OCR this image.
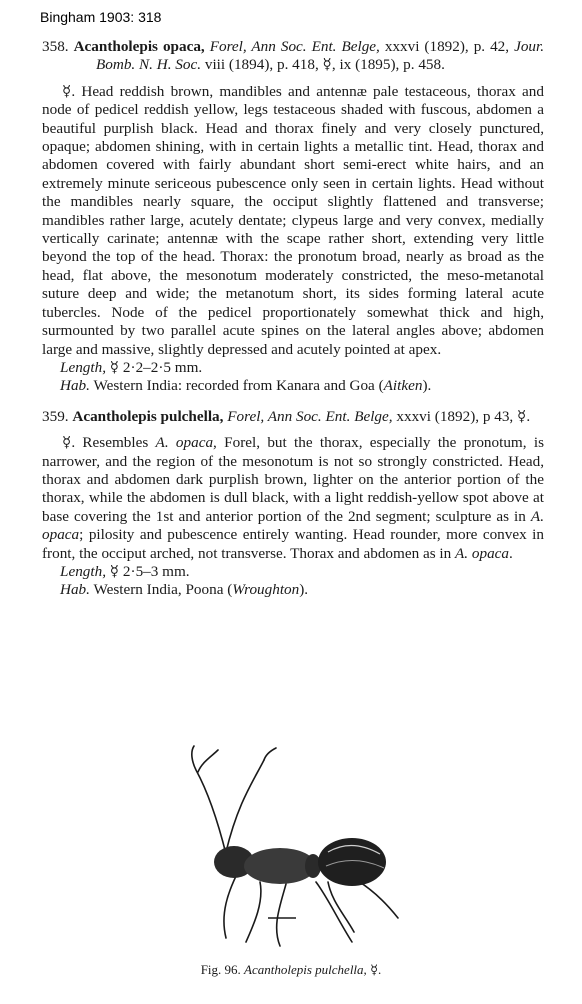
Bingham 1903: 318

358. Acantholepis opaca, Forel, Ann Soc. Ent. Belge, xxxvi (1892), p. 42, Jour. Bomb. N. H. Soc. viii (1894), p. 418, ☿, ix (1895), p. 458.

☿. Head reddish brown, mandibles and antennæ pale testaceous, thorax and node of pedicel reddish yellow, legs testaceous shaded with fuscous, abdomen a beautiful purplish black. Head and thorax finely and very closely punctured, opaque; abdomen shining, with in certain lights a metallic tint. Head, thorax and abdomen covered with fairly abundant short semi-erect white hairs, and an extremely minute sericeous pubescence only seen in certain lights. Head without the mandibles nearly square, the occiput slightly flattened and transverse; mandibles rather large, acutely dentate; clypeus large and very convex, medially vertically carinate; antennæ with the scape rather short, extending very little beyond the top of the head. Thorax: the pronotum broad, nearly as broad as the head, flat above, the mesonotum moderately constricted, the meso-metanotal suture deep and wide; the metanotum short, its sides forming lateral acute tubercles. Node of the pedicel proportionately somewhat thick and high, surmounted by two parallel acute spines on the lateral angles above; abdomen large and massive, slightly depressed and acutely pointed at apex.

Length, ☿ 2·2–2·5 mm.

Hab. Western India: recorded from Kanara and Goa (Aitken).

359. Acantholepis pulchella, Forel, Ann Soc. Ent. Belge, xxxvi (1892), p 43, ☿.

☿. Resembles A. opaca, Forel, but the thorax, especially the pronotum, is narrower, and the region of the mesonotum is not so strongly constricted. Head, thorax and abdomen dark purplish brown, lighter on the anterior portion of the thorax, while the abdomen is dull black, with a light reddish-yellow spot above at base covering the 1st and anterior portion of the 2nd segment; sculpture as in A. opaca; pilosity and pubescence entirely wanting. Head rounder, more convex in front, the occiput arched, not transverse. Thorax and abdomen as in A. opaca.

Length, ☿ 2·5–3 mm.

Hab. Western India, Poona (Wroughton).

Fig. 96. Acantholepis pulchella, ☿.
